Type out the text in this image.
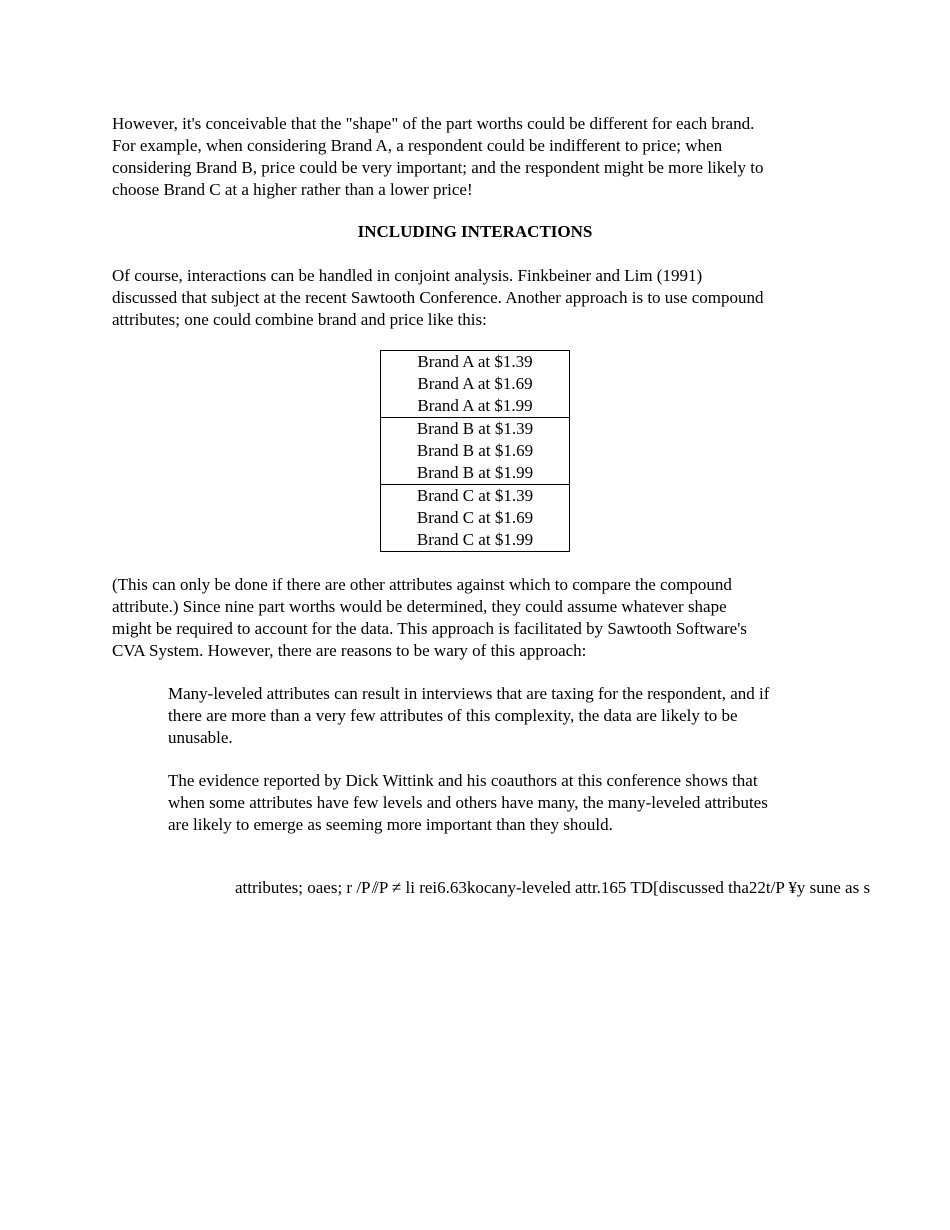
However, it's conceivable that the "shape" of the part worths could be different for each brand.
For example, when considering Brand A, a respondent could be indifferent to price; when
considering Brand B, price could be very important; and the respondent might be more likely to
choose Brand C at a higher rather than a lower price!
INCLUDING INTERACTIONS
Of course, interactions can be handled in conjoint analysis. Finkbeiner and Lim (1991)
discussed that subject at the recent Sawtooth Conference. Another approach is to use compound
attributes; one could combine brand and price like this:
Brand A at $1.39
Brand A at $1.69
Brand A at $1.99
Brand B at $1.39
Brand B at $1.69
Brand B at $1.99
Brand C at $1.39
Brand C at $1.69
Brand C at $1.99
(This can only be done if there are other attributes against which to compare the compound
attribute.) Since nine part worths would be determined, they could assume whatever shape
might be required to account for the data. This approach is facilitated by Sawtooth Software's
CVA System. However, there are reasons to be wary of this approach:
Many-leveled attributes can result in interviews that are taxing for the respondent, and if
there are more than a very few attributes of this complexity, the data are likely to be
unusable.
The evidence reported by Dick Wittink and his coauthors at this conference shows that
when some attributes have few levels and others have many, the many-leveled attributes
are likely to emerge as seeming more important than they should.
attributes; oaes; r /P ̸/P ≠ li rei6.63kocany-leveled attr.165 TD[discussed tha22t/P ¥y sune as s
